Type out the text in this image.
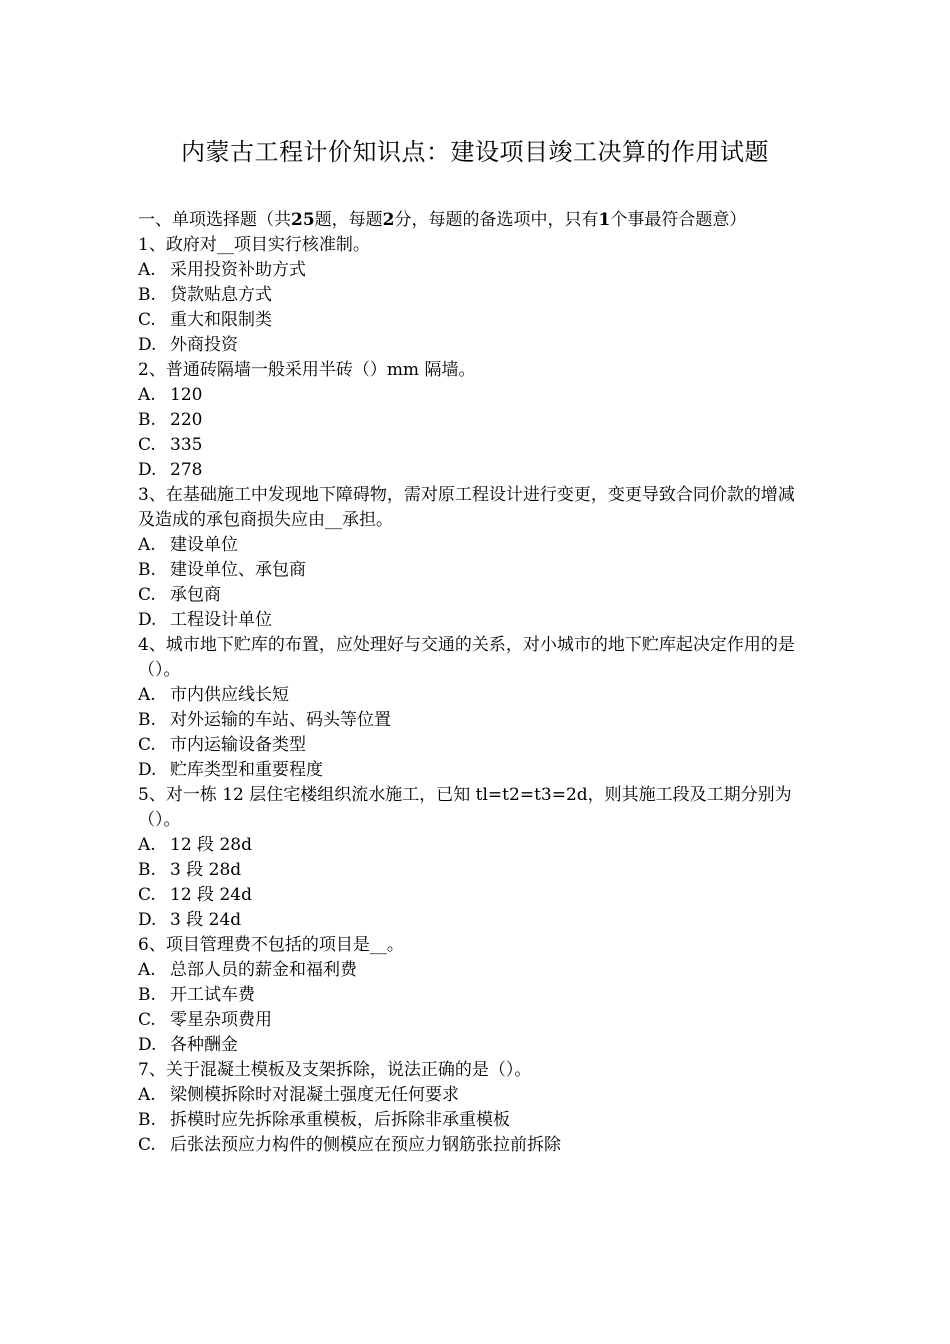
内蒙古工程计价知识点：建设项目竣工决算的作用试题

一、单项选择题（共25题，每题2分，每题的备选项中，只有1个事最符合题意）

1、政府对__项目实行核准制。

A. 采用投资补助方式
B. 贷款贴息方式
C. 重大和限制类
D. 外商投资

2、普通砖隔墙一般采用半砖（）mm 隔墙。

A. 120
B. 220
C. 335
D. 278

3、在基础施工中发现地下障碍物，需对原工程设计进行变更，变更导致合同价款的增减及造成的承包商损失应由__承担。

A. 建设单位
B. 建设单位、承包商
C. 承包商
D. 工程设计单位

4、城市地下贮库的布置，应处理好与交通的关系，对小城市的地下贮库起决定作用的是（）。

A. 市内供应线长短
B. 对外运输的车站、码头等位置
C. 市内运输设备类型
D. 贮库类型和重要程度

5、对一栋 12 层住宅楼组织流水施工，已知 tl=t2=t3=2d，则其施工段及工期分别为（）。

A. 12 段 28d
B. 3 段 28d
C. 12 段 24d
D. 3 段 24d

6、项目管理费不包括的项目是__。

A. 总部人员的薪金和福利费
B. 开工试车费
C. 零星杂项费用
D. 各种酬金

7、关于混凝土模板及支架拆除，说法正确的是（）。

A. 梁侧模拆除时对混凝土强度无任何要求
B. 拆模时应先拆除承重模板，后拆除非承重模板
C. 后张法预应力构件的侧模应在预应力钢筋张拉前拆除
